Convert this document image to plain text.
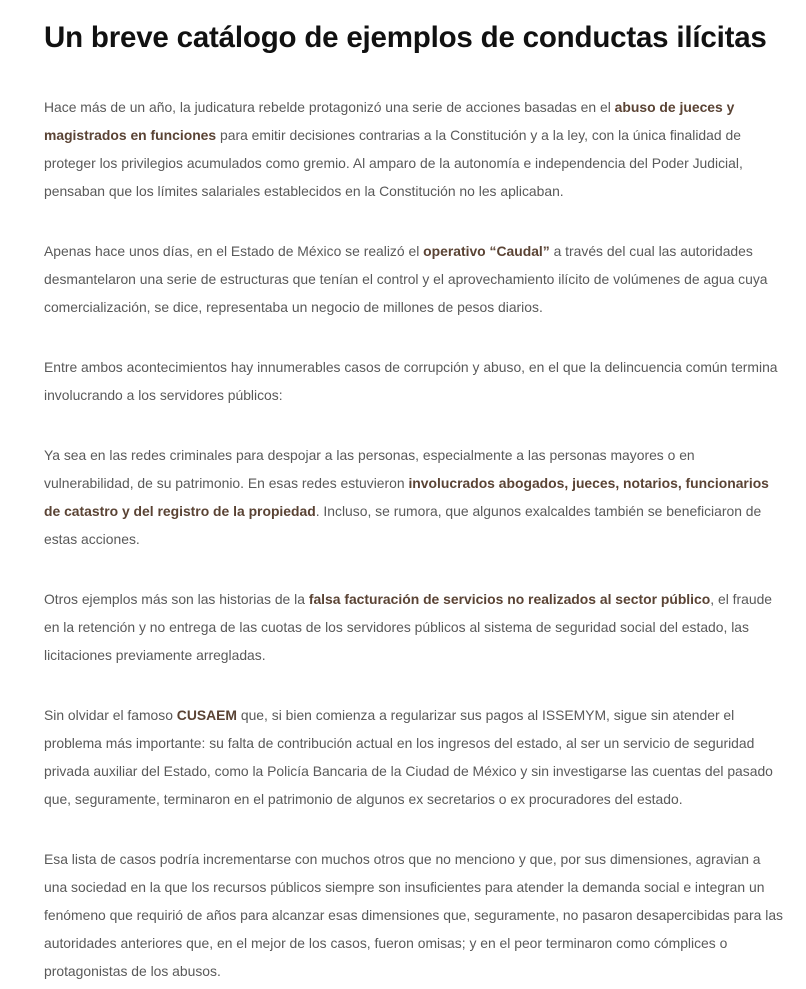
Un breve catálogo de ejemplos de conductas ilícitas

Hace más de un año, la judicatura rebelde protagonizó una serie de acciones basadas en el abuso de jueces y magistrados en funciones para emitir decisiones contrarias a la Constitución y a la ley, con la única finalidad de proteger los privilegios acumulados como gremio. Al amparo de la autonomía e independencia del Poder Judicial, pensaban que los límites salariales establecidos en la Constitución no les aplicaban.

Apenas hace unos días, en el Estado de México se realizó el operativo “Caudal” a través del cual las autoridades desmantelaron una serie de estructuras que tenían el control y el aprovechamiento ilícito de volúmenes de agua cuya comercialización, se dice, representaba un negocio de millones de pesos diarios.

Entre ambos acontecimientos hay innumerables casos de corrupción y abuso, en el que la delincuencia común termina involucrando a los servidores públicos:

Ya sea en las redes criminales para despojar a las personas, especialmente a las personas mayores o en vulnerabilidad, de su patrimonio. En esas redes estuvieron involucrados abogados, jueces, notarios, funcionarios de catastro y del registro de la propiedad. Incluso, se rumora, que algunos exalcaldes también se beneficiaron de estas acciones.

Otros ejemplos más son las historias de la falsa facturación de servicios no realizados al sector público, el fraude en la retención y no entrega de las cuotas de los servidores públicos al sistema de seguridad social del estado, las licitaciones previamente arregladas.

Sin olvidar el famoso CUSAEM que, si bien comienza a regularizar sus pagos al ISSEMYM, sigue sin atender el problema más importante: su falta de contribución actual en los ingresos del estado, al ser un servicio de seguridad privada auxiliar del Estado, como la Policía Bancaria de la Ciudad de México y sin investigarse las cuentas del pasado que, seguramente, terminaron en el patrimonio de algunos ex secretarios o ex procuradores del estado.

Esa lista de casos podría incrementarse con muchos otros que no menciono y que, por sus dimensiones, agravian a una sociedad en la que los recursos públicos siempre son insuficientes para atender la demanda social e integran un fenómeno que requirió de años para alcanzar esas dimensiones que, seguramente, no pasaron desapercibidas para las autoridades anteriores que, en el mejor de los casos, fueron omisas; y en el peor terminaron como cómplices o protagonistas de los abusos.
